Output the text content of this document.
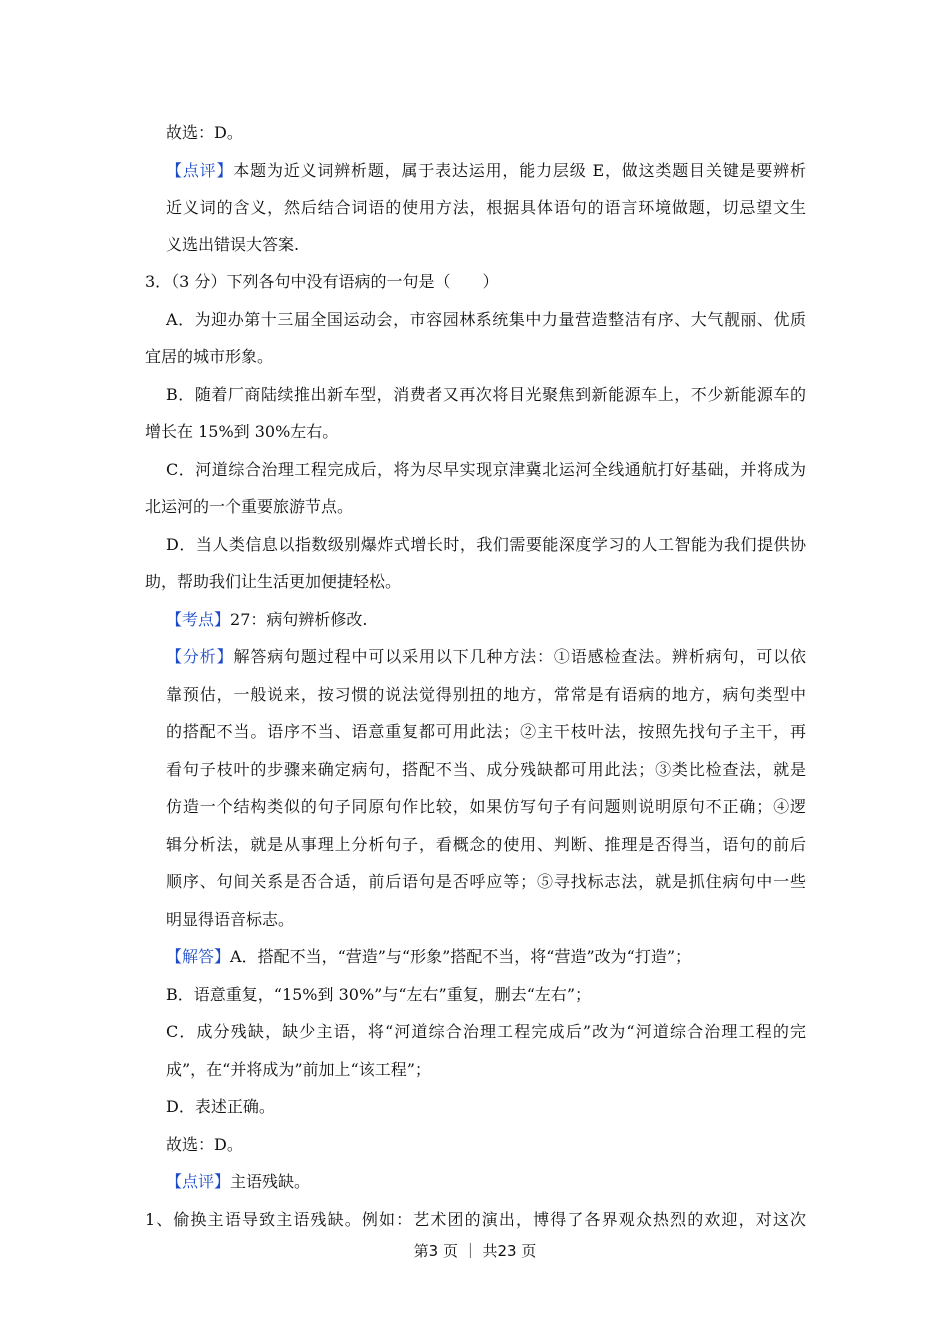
故选：D。
【点评】本题为近义词辨析题，属于表达运用，能力层级 E，做这类题目关键是要辨析
近义词的含义，然后结合词语的使用方法，根据具体语句的语言环境做题，切忌望文生
义选出错误大答案.
3．（3 分）下列各句中没有语病的一句是（　　）
A．为迎办第十三届全国运动会，市容园林系统集中力量营造整洁有序、大气靓丽、优质
宜居的城市形象。
B．随着厂商陆续推出新车型，消费者又再次将目光聚焦到新能源车上，不少新能源车的
增长在 15%到 30%左右。
C．河道综合治理工程完成后，将为尽早实现京津冀北运河全线通航打好基础，并将成为
北运河的一个重要旅游节点。
D．当人类信息以指数级别爆炸式增长时，我们需要能深度学习的人工智能为我们提供协
助，帮助我们让生活更加便捷轻松。
【考点】27：病句辨析修改.
【分析】解答病句题过程中可以采用以下几种方法：①语感检查法。辨析病句，可以依
靠预估，一般说来，按习惯的说法觉得别扭的地方，常常是有语病的地方，病句类型中
的搭配不当。语序不当、语意重复都可用此法；②主干枝叶法，按照先找句子主干，再
看句子枝叶的步骤来确定病句，搭配不当、成分残缺都可用此法；③类比检查法，就是
仿造一个结构类似的句子同原句作比较，如果仿写句子有问题则说明原句不正确；④逻
辑分析法，就是从事理上分析句子，看概念的使用、判断、推理是否得当，语句的前后
顺序、句间关系是否合适，前后语句是否呼应等；⑤寻找标志法，就是抓住病句中一些
明显得语音标志。
【解答】A．搭配不当，“营造”与“形象”搭配不当，将“营造”改为“打造”；
B．语意重复，“15%到 30%”与“左右”重复，删去“左右”；
C．成分残缺，缺少主语，将“河道综合治理工程完成后”改为“河道综合治理工程的完
成”，在“并将成为”前加上“该工程”；
D．表述正确。
故选：D。
【点评】主语残缺。
1、偷换主语导致主语残缺。例如：艺术团的演出，博得了各界观众热烈的欢迎，对这次
第3 页 ｜ 共23 页
